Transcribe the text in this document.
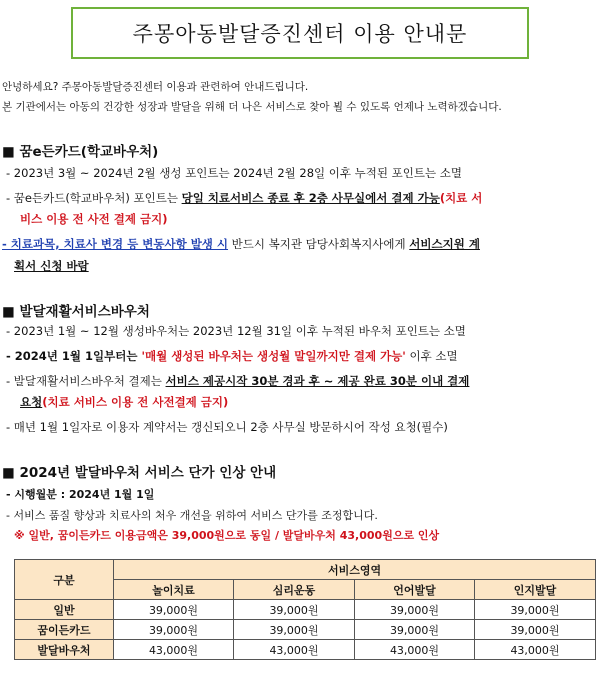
주몽아동발달증진센터 이용 안내문
안녕하세요? 주몽아동발달증진센터 이용과 관련하여 안내드립니다.
본 기관에서는 아동의 건강한 성장과 발달을 위해 더 나은 서비스로 찾아 뵐 수 있도록 언제나 노력하겠습니다.
■ 꿈e든카드(학교바우처)
- 2023년 3월 ~ 2024년 2월 생성 포인트는 2024년 2월 28일 이후 누적된 포인트는 소멸
- 꿈e든카드(학교바우처) 포인트는 당일 치료서비스 종료 후 2층 사무실에서 결제 가능(치료 서
비스 이용 전 사전 결제 금지)
- 치료과목, 치료사 변경 등 변동사항 발생 시 반드시 복지관 담당사회복지사에게 서비스지원 계
획서 신청 바람
■ 발달재활서비스바우처
- 2023년 1월 ~ 12월 생성바우처는 2023년 12월 31일 이후 누적된 바우처 포인트는 소멸
- 2024년 1월 1일부터는 '매월 생성된 바우처는 생성월 말일까지만 결제 가능' 이후 소멸
- 발달재활서비스바우처 결제는 서비스 제공시작 30분 경과 후 ~ 제공 완료 30분 이내 결제
요청(치료 서비스 이용 전 사전결제 금지)
- 매년 1월 1일자로 이용자 계약서는 갱신되오니 2층 사무실 방문하시어 작성 요청(필수)
■ 2024년 발달바우처 서비스 단가 인상 안내
- 시행월분 : 2024년 1월 1일
- 서비스 품질 향상과 치료사의 처우 개선을 위하여 서비스 단가를 조정합니다.
※ 일반, 꿈이든카드 이용금액은 39,000원으로 동일 / 발달바우처 43,000원으로 인상
구분	서비스영역			
	놀이치료	심리운동	언어발달	인지발달
일반	39,000원	39,000원	39,000원	39,000원
꿈이든카드	39,000원	39,000원	39,000원	39,000원
발달바우처	43,000원	43,000원	43,000원	43,000원
